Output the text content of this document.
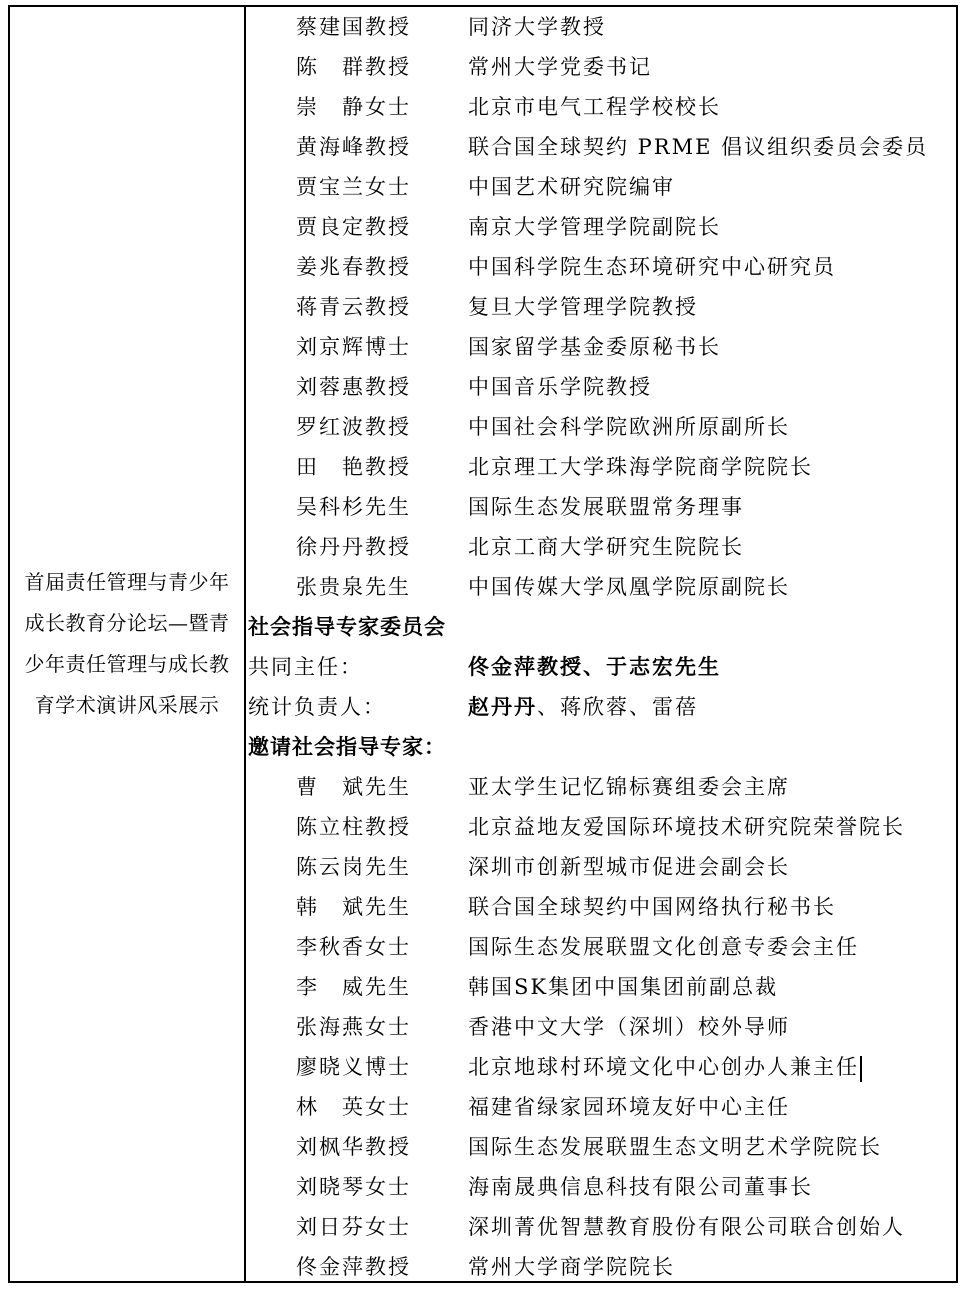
首届责任管理与青少年成长教育分论坛—暨青少年责任管理与成长教育学术演讲风采展示
蔡建国教授	同济大学教授
陈　群教授	常州大学党委书记
崇　静女士	北京市电气工程学校校长
黄海峰教授	联合国全球契约 PRME 倡议组织委员会委员
贾宝兰女士	中国艺术研究院编审
贾良定教授	南京大学管理学院副院长
姜兆春教授	中国科学院生态环境研究中心研究员
蒋青云教授	复旦大学管理学院教授
刘京辉博士	国家留学基金委原秘书长
刘蓉惠教授	中国音乐学院教授
罗红波教授	中国社会科学院欧洲所原副所长
田　艳教授	北京理工大学珠海学院商学院院长
吴科杉先生	国际生态发展联盟常务理事
徐丹丹教授	北京工商大学研究生院院长
张贵泉先生	中国传媒大学凤凰学院原副院长
社会指导专家委员会
共同主任：	佟金萍教授、于志宏先生
统计负责人：	赵丹丹、蒋欣蓉、雷蓓
邀请社会指导专家：
曹　斌先生	亚太学生记忆锦标赛组委会主席
陈立柱教授	北京益地友爱国际环境技术研究院荣誉院长
陈云岗先生	深圳市创新型城市促进会副会长
韩　斌先生	联合国全球契约中国网络执行秘书长
李秋香女士	国际生态发展联盟文化创意专委会主任
李　威先生	韩国SK集团中国集团前副总裁
张海燕女士	香港中文大学（深圳）校外导师
廖晓义博士	北京地球村环境文化中心创办人兼主任
林　英女士	福建省绿家园环境友好中心主任
刘枫华教授	国际生态发展联盟生态文明艺术学院院长
刘晓琴女士	海南晟典信息科技有限公司董事长
刘日芬女士	深圳菁优智慧教育股份有限公司联合创始人
佟金萍教授	常州大学商学院院长
